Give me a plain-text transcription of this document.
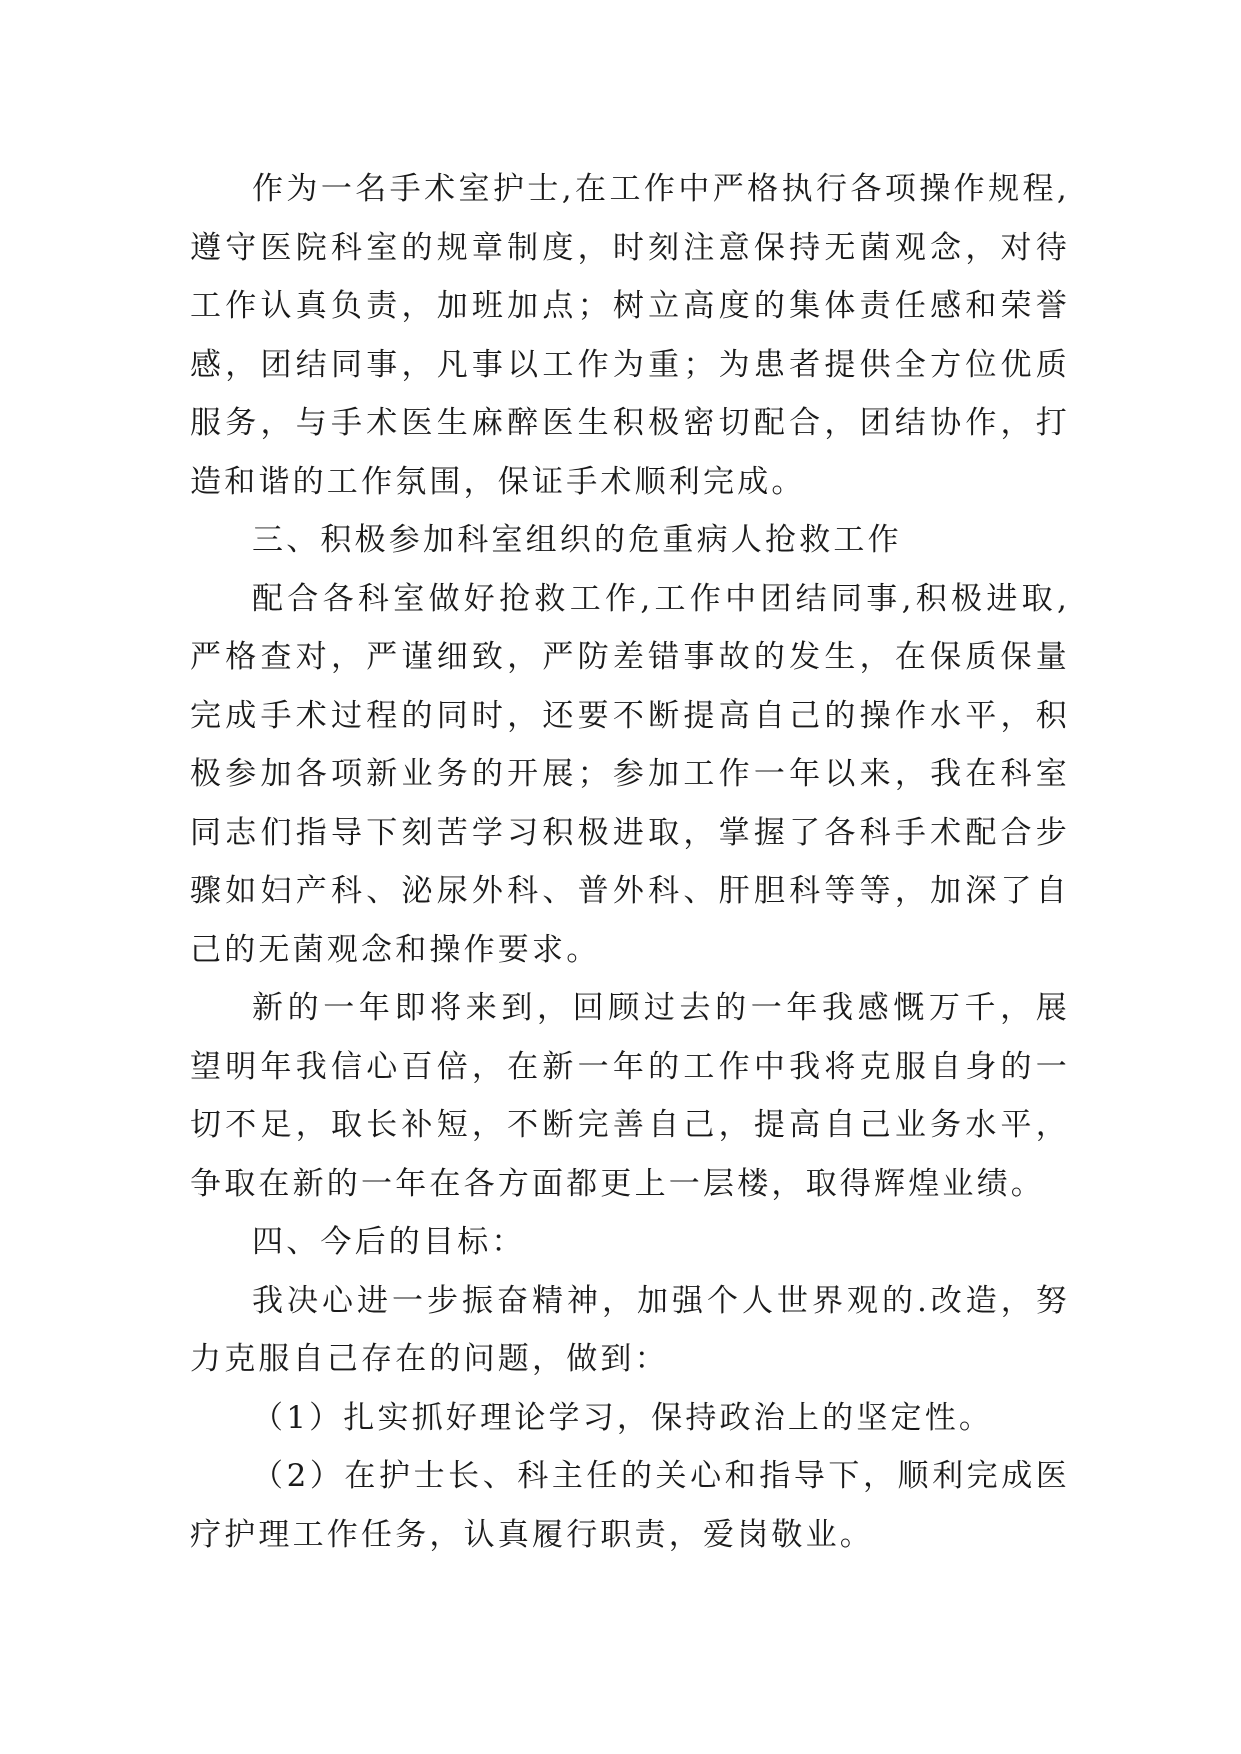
作为一名手术室护士,在工作中严格执行各项操作规程,遵守医院科室的规章制度，时刻注意保持无菌观念，对待工作认真负责，加班加点；树立高度的集体责任感和荣誉感，团结同事，凡事以工作为重；为患者提供全方位优质服务，与手术医生麻醉医生积极密切配合，团结协作，打造和谐的工作氛围，保证手术顺利完成。

三、积极参加科室组织的危重病人抢救工作

配合各科室做好抢救工作,工作中团结同事,积极进取,严格查对，严谨细致，严防差错事故的发生，在保质保量完成手术过程的同时，还要不断提高自己的操作水平，积极参加各项新业务的开展；参加工作一年以来，我在科室同志们指导下刻苦学习积极进取，掌握了各科手术配合步骤如妇产科、泌尿外科、普外科、肝胆科等等，加深了自己的无菌观念和操作要求。

新的一年即将来到，回顾过去的一年我感慨万千，展望明年我信心百倍，在新一年的工作中我将克服自身的一切不足，取长补短，不断完善自己，提高自己业务水平，争取在新的一年在各方面都更上一层楼，取得辉煌业绩。

四、今后的目标：

我决心进一步振奋精神，加强个人世界观的.改造，努力克服自己存在的问题，做到：

（1）扎实抓好理论学习，保持政治上的坚定性。

（2）在护士长、科主任的关心和指导下，顺利完成医疗护理工作任务，认真履行职责，爱岗敬业。
